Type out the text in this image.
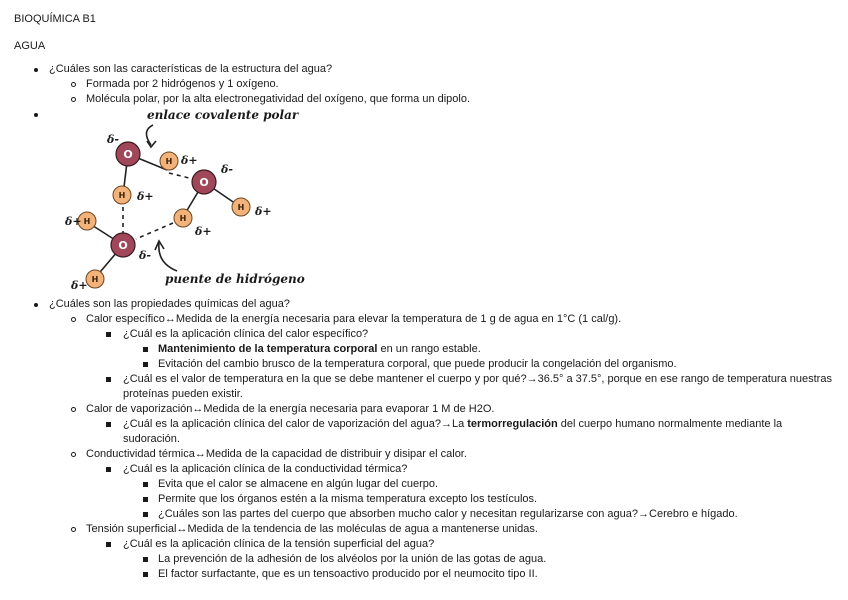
BIOQUÍMICA B1

AGUA

¿Cuáles son las características de la estructura del agua?
Formada por 2 hidrógenos y 1 oxígeno.
Molécula polar, por la alta electronegatividad del oxígeno, que forma un dipolo.
O
O
O
H
H
H
H
H
H
δ-
δ+
δ+
δ-
δ+
δ+
δ+
δ-
δ+
enlace covalente polar
puente de hidrógeno
¿Cuáles son las propiedades químicas del agua?
Calor específico↔Medida de la energía necesaria para elevar la temperatura de 1 g de agua en 1°C (1 cal/g).
¿Cuál es la aplicación clínica del calor específico?
Mantenimiento de la temperatura corporal en un rango estable.
Evitación del cambio brusco de la temperatura corporal, que puede producir la congelación del organismo.
¿Cuál es el valor de temperatura en la que se debe mantener el cuerpo y por qué?→36.5° a 37.5°, porque en ese rango de temperatura nuestras proteínas pueden existir.
Calor de vaporización↔Medida de la energía necesaria para evaporar 1 M de H2O.
¿Cuál es la aplicación clínica del calor de vaporización del agua?→La termorregulación del cuerpo humano normalmente mediante la sudoración.
Conductividad térmica↔Medida de la capacidad de distribuir y disipar el calor.
¿Cuál es la aplicación clínica de la conductividad térmica?
Evita que el calor se almacene en algún lugar del cuerpo.
Permite que los órganos estén a la misma temperatura excepto los testículos.
¿Cuáles son las partes del cuerpo que absorben mucho calor y necesitan regularizarse con agua?→Cerebro e hígado.
Tensión superficial↔Medida de la tendencia de las moléculas de agua a mantenerse unidas.
¿Cuál es la aplicación clínica de la tensión superficial del agua?
La prevención de la adhesión de los alvéolos por la unión de las gotas de agua.
El factor surfactante, que es un tensoactivo producido por el neumocito tipo II.
